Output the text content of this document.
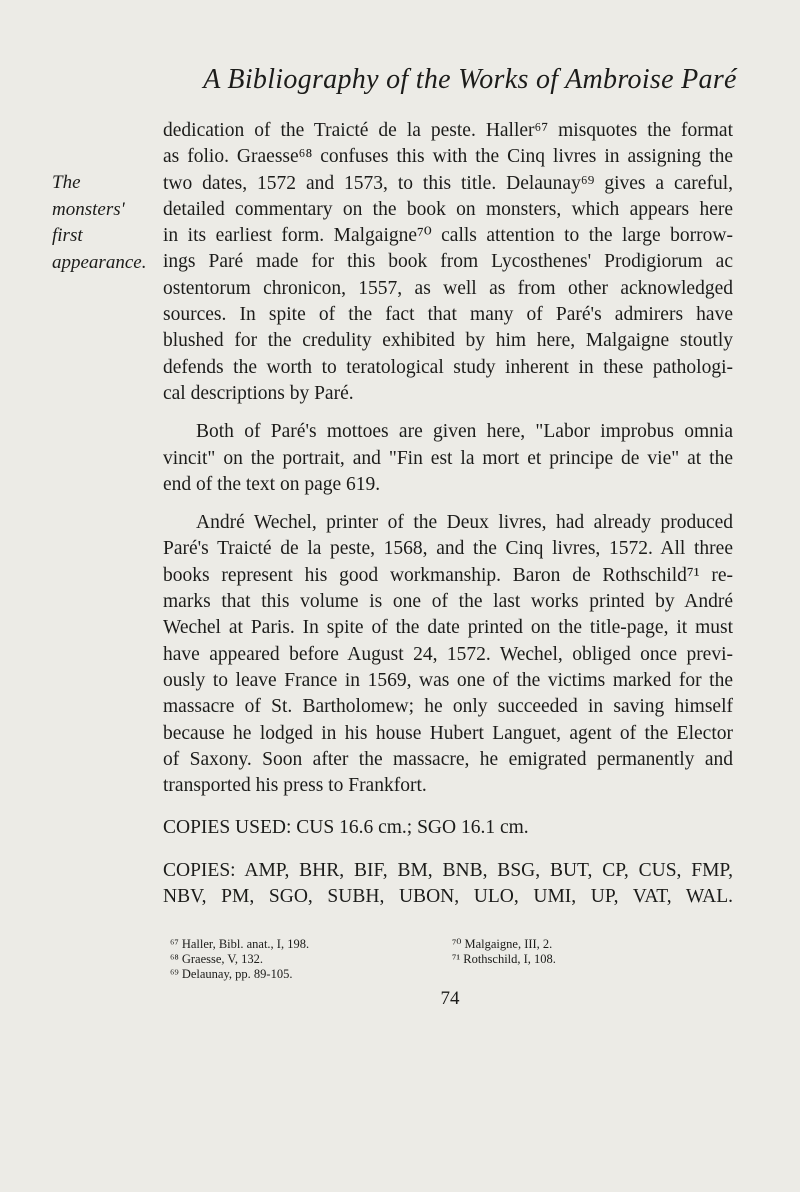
A Bibliography of the Works of Ambroise Paré
The
monsters'
first
appearance.
dedication of the Traicté de la peste. Haller⁶⁷ misquotes the format
as folio. Graesse⁶⁸ confuses this with the Cinq livres in assigning the
two dates, 1572 and 1573, to this title. Delaunay⁶⁹ gives a careful,
detailed commentary on the book on monsters, which appears here
in its earliest form. Malgaigne⁷⁰ calls attention to the large borrow-
ings Paré made for this book from Lycosthenes' Prodigiorum ac
ostentorum chronicon, 1557, as well as from other acknowledged
sources. In spite of the fact that many of Paré's admirers have
blushed for the credulity exhibited by him here, Malgaigne stoutly
defends the worth to teratological study inherent in these pathologi-
cal descriptions by Paré.
Both of Paré's mottoes are given here, "Labor improbus omnia
vincit" on the portrait, and "Fin est la mort et principe de vie" at the
end of the text on page 619.
André Wechel, printer of the Deux livres, had already produced
Paré's Traicté de la peste, 1568, and the Cinq livres, 1572. All three
books represent his good workmanship. Baron de Rothschild⁷¹ re-
marks that this volume is one of the last works printed by André
Wechel at Paris. In spite of the date printed on the title-page, it must
have appeared before August 24, 1572. Wechel, obliged once previ-
ously to leave France in 1569, was one of the victims marked for the
massacre of St. Bartholomew; he only succeeded in saving himself
because he lodged in his house Hubert Languet, agent of the Elector
of Saxony. Soon after the massacre, he emigrated permanently and
transported his press to Frankfort.
COPIES USED: CUS 16.6 cm.; SGO 16.1 cm.
COPIES: AMP, BHR, BIF, BM, BNB, BSG, BUT, CP, CUS, FMP,
NBV, PM, SGO, SUBH, UBON, ULO, UMI, UP, VAT, WAL.
⁶⁷ Haller, Bibl. anat., I, 198.
⁶⁸ Graesse, V, 132.
⁶⁹ Delaunay, pp. 89-105.
⁷⁰ Malgaigne, III, 2.
⁷¹ Rothschild, I, 108.
74
